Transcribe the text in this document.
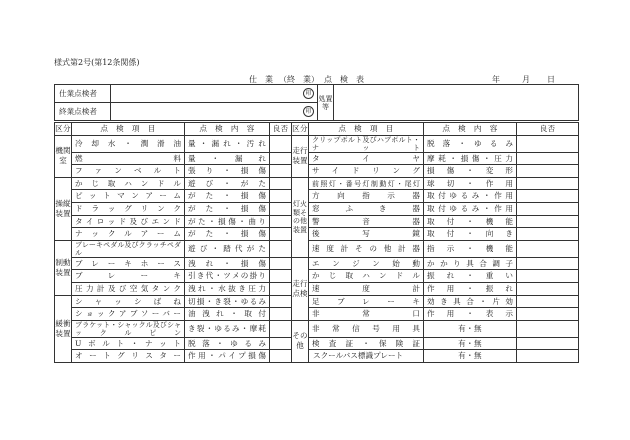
様式第2号(第12条関係)
仕　業 （終　業） 点　検　表	年	月 日
仕業点検者	印	処置等	
終業点検者	印		
区分	点　検　項　目	点　検　内　容	良否	区分	点　検　項　目	点　検　内　容	良否
機関室	冷却水・潤滑油	量・漏れ・汚れ		走行装置	クリップボルト及びハブボルト・ナット	脱落・ゆるみ	
	燃料	量・漏れ			タイヤ	摩耗・損傷・圧力	
	ファンベルト	張り・損傷			サイドリング	損傷・変形	
操縦装置	かじ取ハンドル	遊び・がた		灯火類その他装置	前照灯・番号灯制動灯・尾灯	球切・作用	
	ピットマンアーム	がた・損傷			方向指示器	取付ゆるみ・作用	
	ドラッグリンク	がた・損傷			窓ふき器	取付ゆるみ・作用	
	タイロッド及びエンド	がた・損傷・曲り			警音器	取付・機能	
	ナックルアーム	がた・損傷			後写鏡	取付・向き	
制動装置	ブレーキペダル及びクラッチペダル	遊び・踏代がた			速度計その他計器	指示・機能	
	ブレーキホース	洩れ・損傷		走行点検	エンジン始動	かかり具合調子	
	ブレーキ	引き代・ツメの掛り			かじ取ハンドル	振れ・重い	
	圧力計及び空気タンク	洩れ・水抜き圧力			速度計	作用・振れ	
緩衝装置	シャッシばね	切損・き裂・ゆるみ			足ブレーキ	効き具合・片効	
	ショックアブソーバー	油洩れ・取付			非常口	作用・表示	
	ブラケット・シャックル及びシャックルピン	き裂・ゆるみ・摩耗		その他	非常信号用具	有・無	
	Uボルト・ナット	脱落・ゆるみ			検査証・保険証	有・無	
	オートグリスター	作用・パイプ損傷			スクールバス標識プレート	有・無	
